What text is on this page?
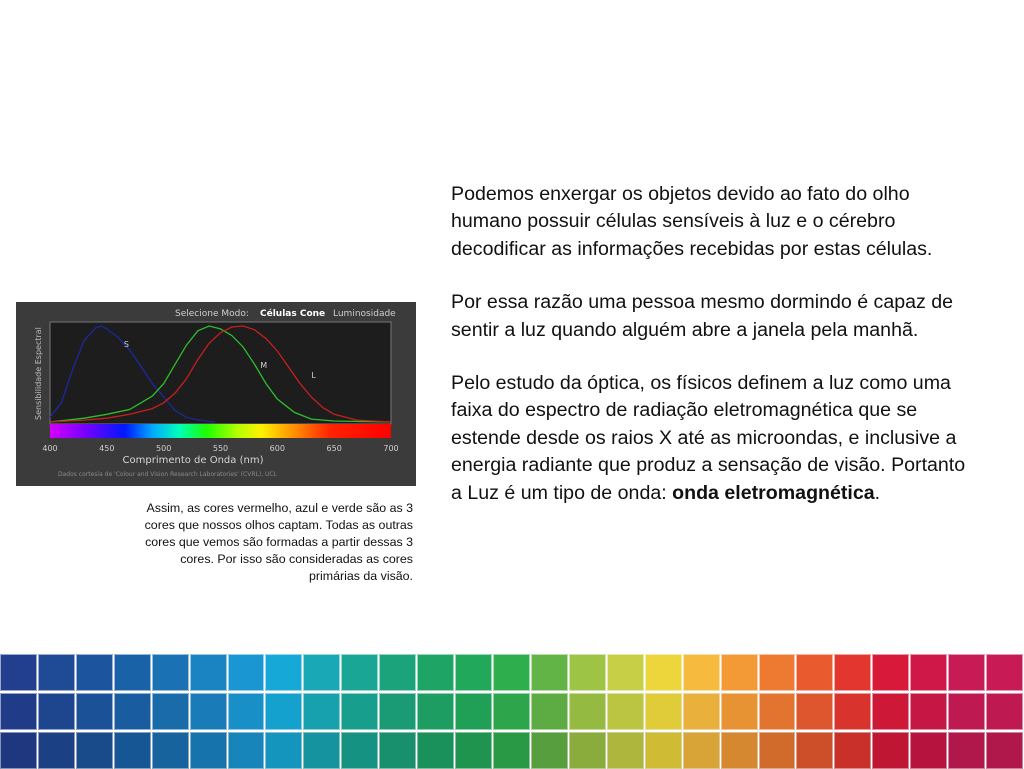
Selecione Modo: Células Cone Luminosidade
Sensibilidade Espectral	S
M
L
400	450	500	550	600	650	700
Comprimento de Onda (nm)
Dados cortesia de 'Colour and Vision Research Laboratories' (CVRL), UCL
Assim, as cores vermelho, azul e verde são as 3 cores que nossos olhos captam. Todas as outras cores que vemos são formadas a partir dessas 3 cores. Por isso são consideradas as cores primárias da visão.

Podemos enxergar os objetos devido ao fato do olho humano possuir células sensíveis à luz e o cérebro decodificar as informações recebidas por estas células.

Por essa razão uma pessoa mesmo dormindo é capaz de sentir a luz quando alguém abre a janela pela manhã.

Pelo estudo da óptica, os físicos definem a luz como uma faixa do espectro de radiação eletromagnética que se estende desde os raios X até as microondas, e inclusive a energia radiante que produz a sensação de visão. Portanto a Luz é um tipo de onda: onda eletromagnética.
